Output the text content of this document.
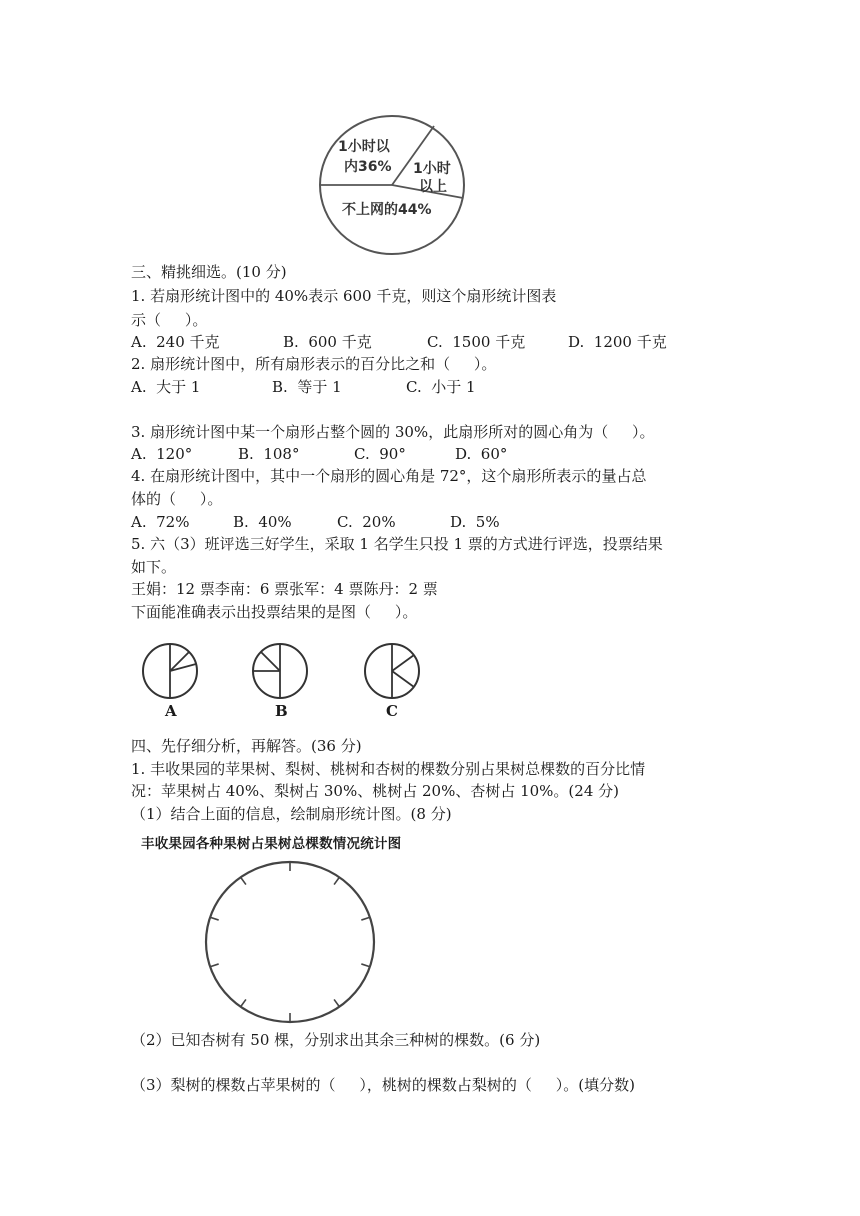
1小时以
内36% 1小时
以上
不上网的44%
三、精挑细选。(10 分)
1. 若扇形统计图中的 40%表示 600 千克，则这个扇形统计图表
示（     ）。
A.  240 千克	B.  600 千克	C.  1500 千克	D.  1200 千克
2. 扇形统计图中，所有扇形表示的百分比之和（     ）。
A.  大于 1	B.  等于 1	C.  小于 1
3. 扇形统计图中某一个扇形占整个圆的 30%，此扇形所对的圆心角为（     ）。
A.  120°	B.  108°	C.  90°	D.  60°
4. 在扇形统计图中，其中一个扇形的圆心角是 72°，这个扇形所表示的量占总
体的（     ）。
A.  72%	B.  40%	C.  20%	D.  5%
5. 六（3）班评选三好学生，采取 1 名学生只投 1 票的方式进行评选，投票结果
如下。
王娟：12 票李南：6 票张军：4 票陈丹：2 票
下面能准确表示出投票结果的是图（     ）。
A	B	C
四、先仔细分析，再解答。(36 分)
1. 丰收果园的苹果树、梨树、桃树和杏树的棵数分别占果树总棵数的百分比情
况：苹果树占 40%、梨树占 30%、桃树占 20%、杏树占 10%。(24 分)
（1）结合上面的信息，绘制扇形统计图。(8 分)
丰收果园各种果树占果树总棵数情况统计图
（2）已知杏树有 50 棵，分别求出其余三种树的棵数。(6 分)
（3）梨树的棵数占苹果树的（     ），桃树的棵数占梨树的（     ）。(填分数)
